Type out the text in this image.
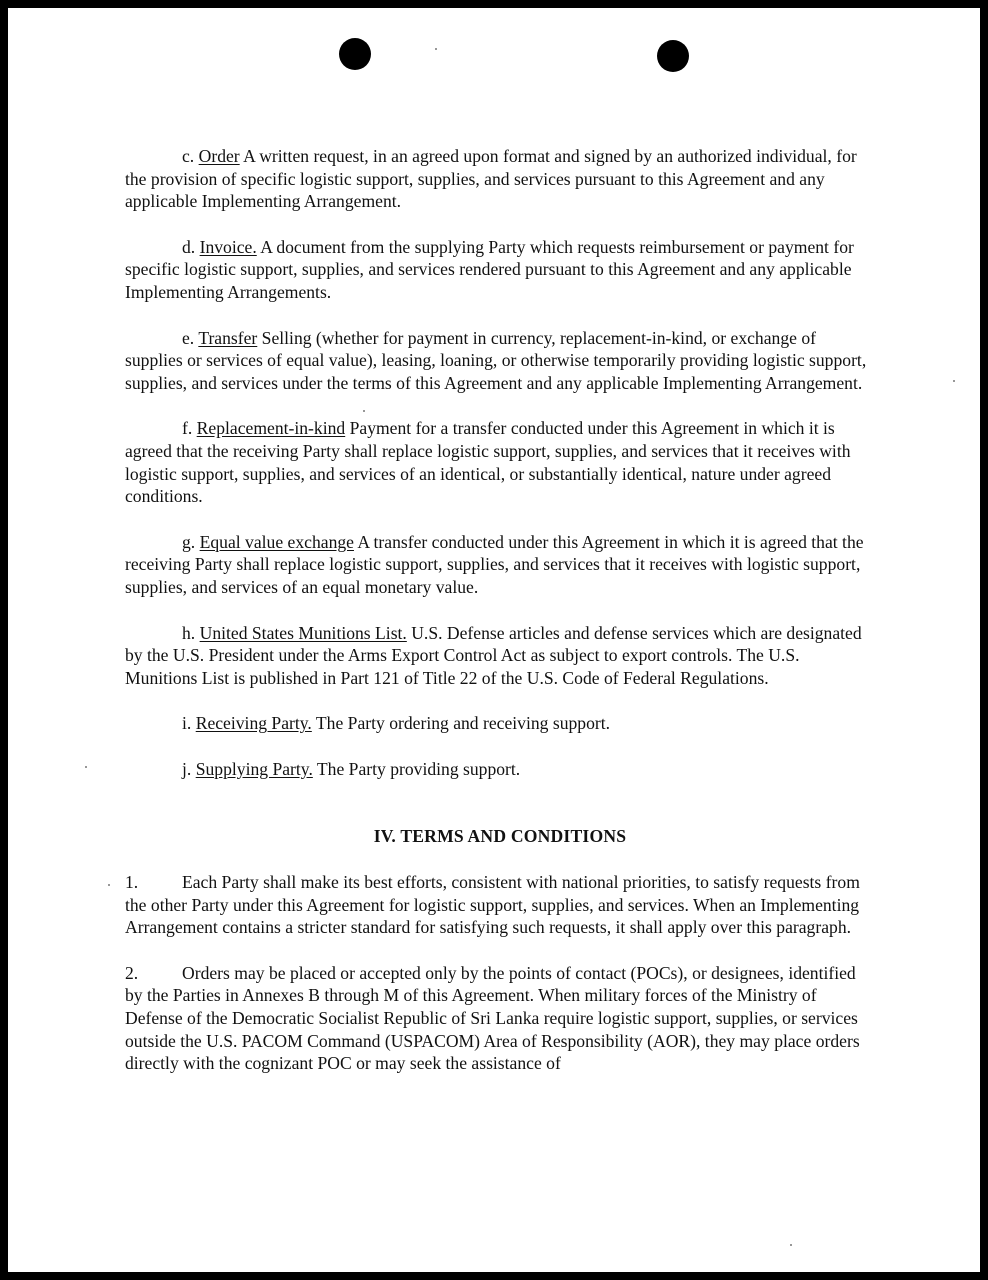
c. Order A written request, in an agreed upon format and signed by an authorized individual, for the provision of specific logistic support, supplies, and services pursuant to this Agreement and any applicable Implementing Arrangement.

d. Invoice. A document from the supplying Party which requests reimbursement or payment for specific logistic support, supplies, and services rendered pursuant to this Agreement and any applicable Implementing Arrangements.

e. Transfer Selling (whether for payment in currency, replacement-in-kind, or exchange of supplies or services of equal value), leasing, loaning, or otherwise temporarily providing logistic support, supplies, and services under the terms of this Agreement and any applicable Implementing Arrangement.

f. Replacement-in-kind Payment for a transfer conducted under this Agreement in which it is agreed that the receiving Party shall replace logistic support, supplies, and services that it receives with logistic support, supplies, and services of an identical, or substantially identical, nature under agreed conditions.

g. Equal value exchange A transfer conducted under this Agreement in which it is agreed that the receiving Party shall replace logistic support, supplies, and services that it receives with logistic support, supplies, and services of an equal monetary value.

h. United States Munitions List. U.S. Defense articles and defense services which are designated by the U.S. President under the Arms Export Control Act as subject to export controls. The U.S. Munitions List is published in Part 121 of Title 22 of the U.S. Code of Federal Regulations.

i. Receiving Party. The Party ordering and receiving support.

j. Supplying Party. The Party providing support.

IV. TERMS AND CONDITIONS

1. Each Party shall make its best efforts, consistent with national priorities, to satisfy requests from the other Party under this Agreement for logistic support, supplies, and services. When an Implementing Arrangement contains a stricter standard for satisfying such requests, it shall apply over this paragraph.

2. Orders may be placed or accepted only by the points of contact (POCs), or designees, identified by the Parties in Annexes B through M of this Agreement. When military forces of the Ministry of Defense of the Democratic Socialist Republic of Sri Lanka require logistic support, supplies, or services outside the U.S. PACOM Command (USPACOM) Area of Responsibility (AOR), they may place orders directly with the cognizant POC or may seek the assistance of
